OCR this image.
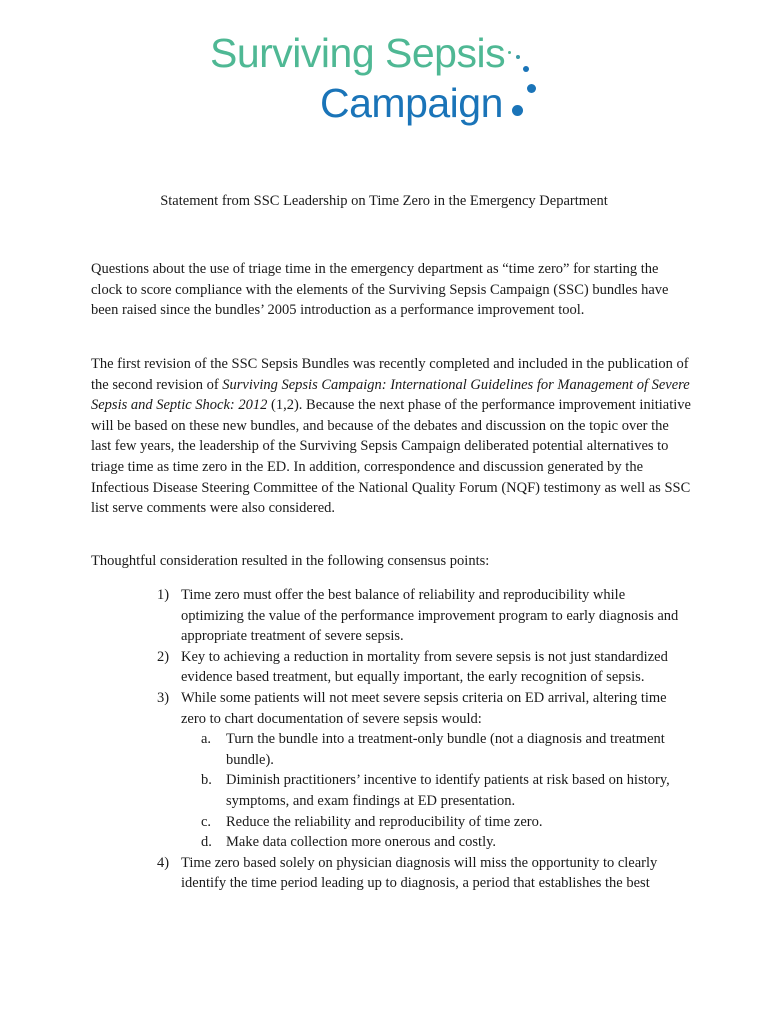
Surviving Sepsis
Campaign
Statement from SSC Leadership on Time Zero in the Emergency Department

Questions about the use of triage time in the emergency department as “time zero” for starting the clock to score compliance with the elements of the Surviving Sepsis Campaign (SSC) bundles have been raised since the bundles’ 2005 introduction as a performance improvement tool.

The first revision of the SSC Sepsis Bundles was recently completed and included in the publication of the second revision of Surviving Sepsis Campaign: International Guidelines for Management of Severe Sepsis and Septic Shock: 2012 (1,2). Because the next phase of the performance improvement initiative will be based on these new bundles, and because of the debates and discussion on the topic over the last few years, the leadership of the Surviving Sepsis Campaign deliberated potential alternatives to triage time as time zero in the ED. In addition, correspondence and discussion generated by the Infectious Disease Steering Committee of the National Quality Forum (NQF) testimony as well as SSC list serve comments were also considered.

Thoughtful consideration resulted in the following consensus points:

1) Time zero must offer the best balance of reliability and reproducibility while optimizing the value of the performance improvement program to early diagnosis and appropriate treatment of severe sepsis.
2) Key to achieving a reduction in mortality from severe sepsis is not just standardized evidence based treatment, but equally important, the early recognition of sepsis.
3) While some patients will not meet severe sepsis criteria on ED arrival, altering time zero to chart documentation of severe sepsis would:
a. Turn the bundle into a treatment-only bundle (not a diagnosis and treatment bundle).
b. Diminish practitioners’ incentive to identify patients at risk based on history, symptoms, and exam findings at ED presentation.
c. Reduce the reliability and reproducibility of time zero.
d. Make data collection more onerous and costly.
4) Time zero based solely on physician diagnosis will miss the opportunity to clearly identify the time period leading up to diagnosis, a period that establishes the best
